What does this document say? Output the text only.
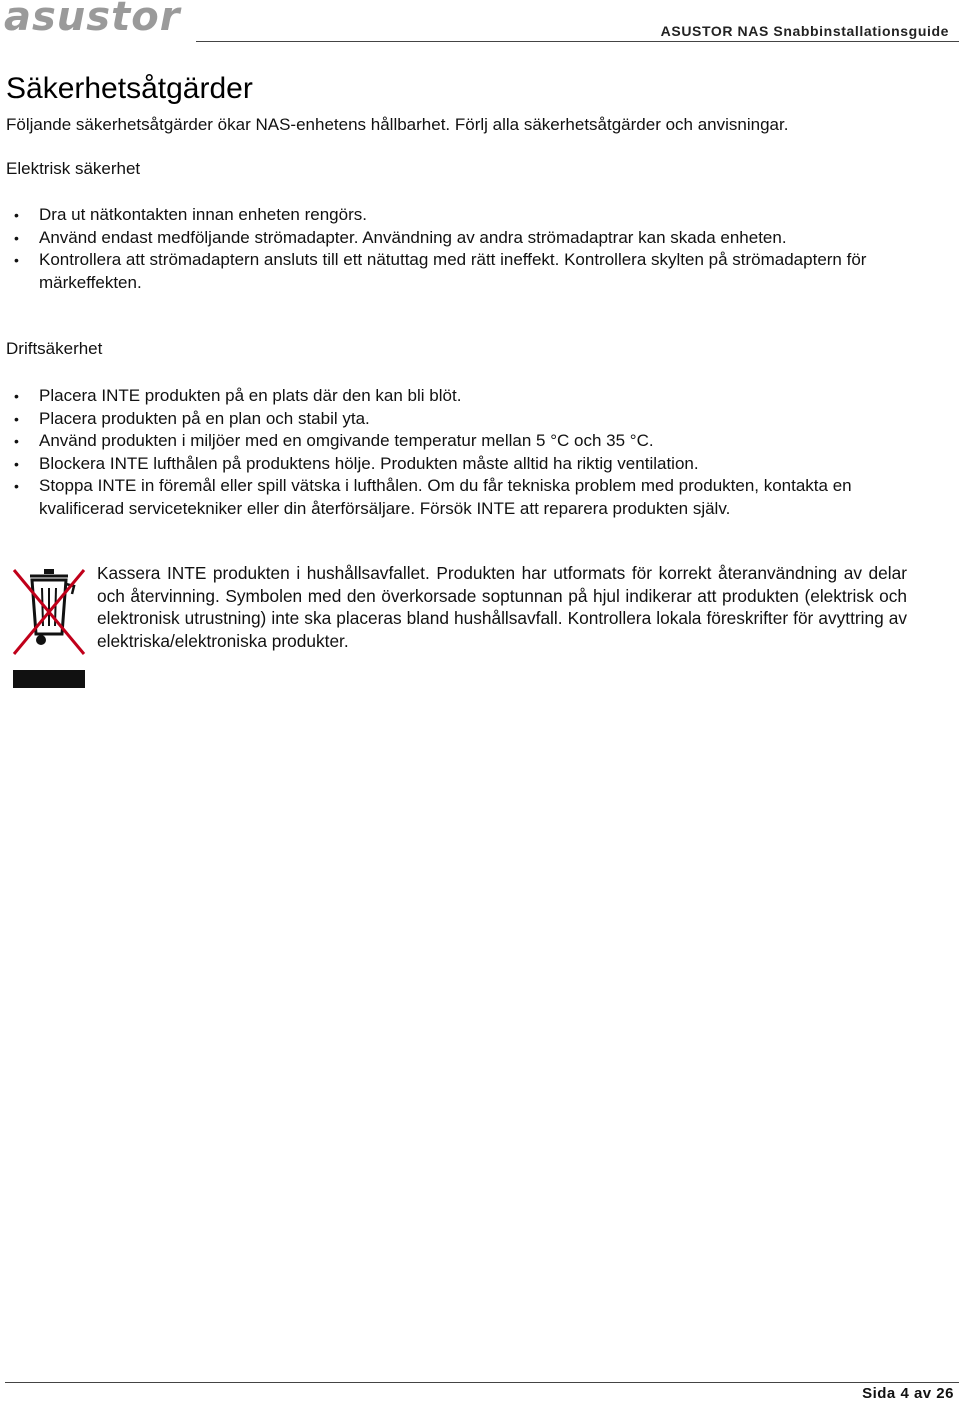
asustor	ASUSTOR NAS Snabbinstallationsguide
Säkerhetsåtgärder
Följande säkerhetsåtgärder ökar NAS-enhetens hållbarhet. Förlj alla säkerhetsåtgärder och anvisningar.
Elektrisk säkerhet
• Dra ut nätkontakten innan enheten rengörs.
• Använd endast medföljande strömadapter. Användning av andra strömadaptrar kan skada enheten.
• Kontrollera att strömadaptern ansluts till ett nätuttag med rätt ineffekt. Kontrollera skylten på strömadaptern för märkeffekten.
Driftsäkerhet
• Placera INTE produkten på en plats där den kan bli blöt.
• Placera produkten på en plan och stabil yta.
• Använd produkten i miljöer med en omgivande temperatur mellan 5 °C och 35 °C.
• Blockera INTE lufthålen på produktens hölje. Produkten måste alltid ha riktig ventilation.
• Stoppa INTE in föremål eller spill vätska i lufthålen. Om du får tekniska problem med produkten, kontakta en kvalificerad servicetekniker eller din återförsäljare. Försök INTE att reparera produkten själv.

Kassera INTE produkten i hushållsavfallet. Produkten har utformats för korrekt återanvändning av delar och återvinning. Symbolen med den överkorsade soptunnan på hjul indikerar att produkten (elektrisk och elektronisk utrustning) inte ska placeras bland hushållsavfall. Kontrollera lokala föreskrifter för avyttring av elektriska/elektroniska produkter.

Sida 4 av 26
